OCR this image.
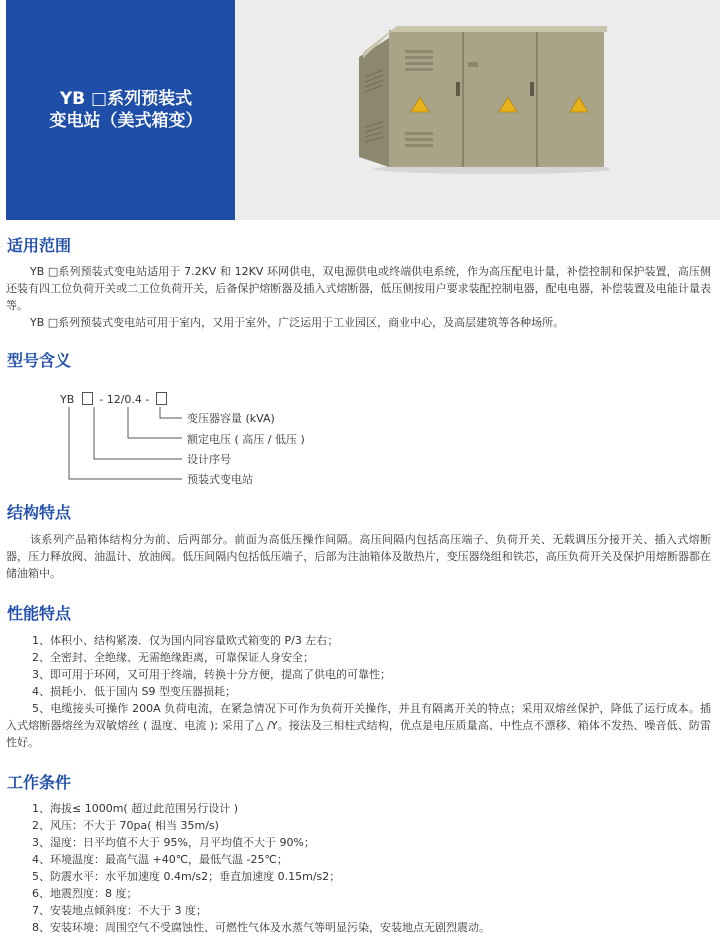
YB □系列预装式
变电站（美式箱变）
适用范围
YB □系列预装式变电站适用于 7.2KV 和 12KV 环网供电，双电源供电或终端供电系统，作为高压配电计量，补偿控制和保护装置，高压侧还装有四工位负荷开关或二工位负荷开关，后备保护熔断器及插入式熔断器，低压侧按用户要求装配控制电器，配电电器，补偿装置及电能计量表等。
YB □系列预装式变电站可用于室内，又用于室外，广泛运用于工业园区，商业中心，及高层建筑等各种场所。
型号含义
YB - 12/0.4 -
变压器容量 (kVA)
额定电压 ( 高压 / 低压 )
设计序号
预装式变电站
结构特点
该系列产品箱体结构分为前、后两部分。前面为高低压操作间隔。高压间隔内包括高压端子、负荷开关、无载调压分接开关、插入式熔断器，压力释放阀、油温计、放油阀。低压间隔内包括低压端子，后部为注油箱体及散热片，变压器绕组和铁芯，高压负荷开关及保护用熔断器都在储油箱中。
性能特点
1、体积小、结构紧凑．仅为国内同容量欧式箱变的 P/3 左右；
2、全密封、全绝缘、无需绝缘距离，可靠保证人身安全；
3、即可用于环网，又可用于终端，转换十分方便，提高了供电的可靠性；
4、损耗小．低于国内 S9 型变压器损耗；
5、电缆接头可操作 200A 负荷电流，在紧急情况下可作为负荷开关操作，并且有隔离开关的特点；采用双熔丝保护，降低了运行成本。插入式熔断器熔丝为双敏熔丝 ( 温度、电流 ); 采用了△ /Y。接法及三相柱式结构，优点是电压质量高、中性点不漂移、箱体不发热、噪音低、防雷性好。
工作条件
1、海拔≤ 1000m( 超过此范围另行设计 )
2、风压：不大于 70pa( 相当 35m/s)
3、湿度：日平均值不大于 95%，月平均值不大于 90%；
4、环境温度：最高气温 +40℃，最低气温 -25℃；
5、防震水平：水平加速度 0.4m/s2；垂直加速度 0.15m/s2；
6、地震烈度：8 度；
7、安装地点倾斜度：不大于 3 度；
8、安装环境：周围空气不受腐蚀性、可燃性气体及水蒸气等明显污染，安装地点无剧烈震动。
